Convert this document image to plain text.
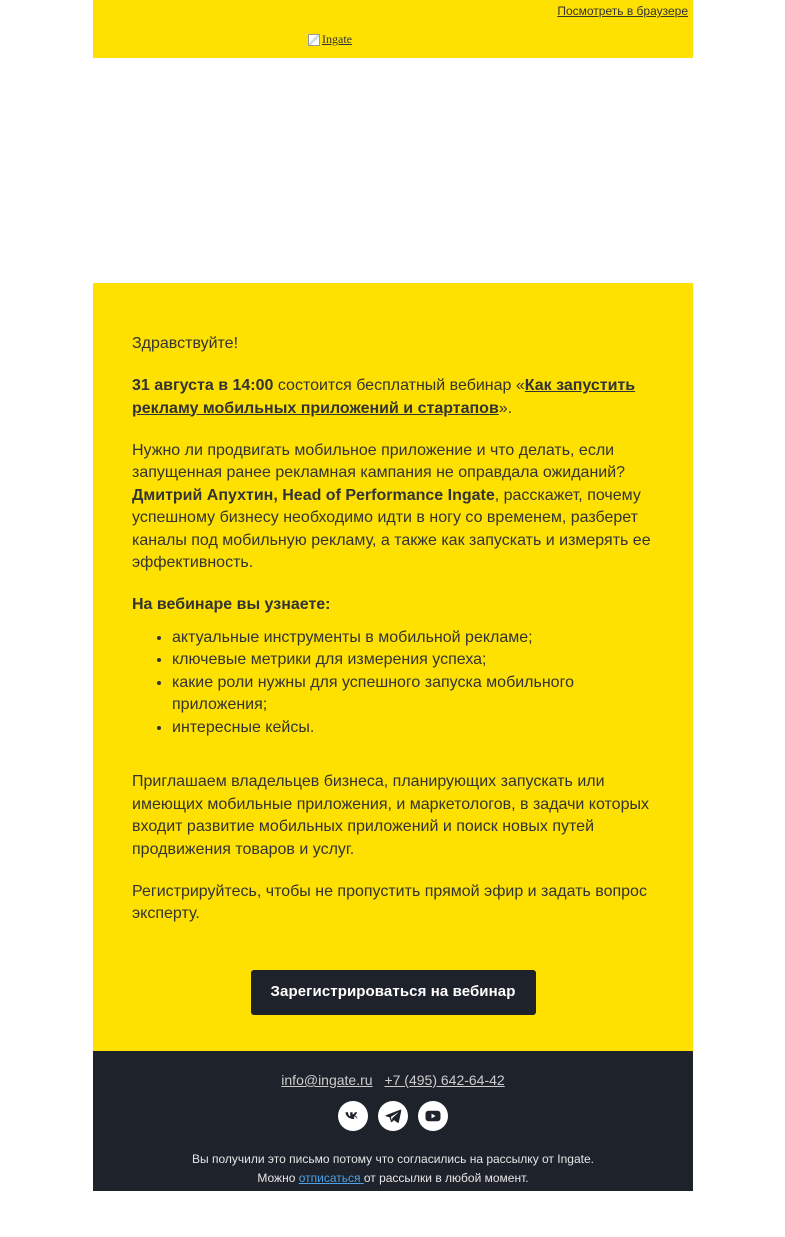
Посмотреть в браузере
Ingate

Здравствуйте!

31 августа в 14:00 состоится бесплатный вебинар «Как запустить рекламу мобильных приложений и стартапов».

Нужно ли продвигать мобильное приложение и что делать, если запущенная ранее рекламная кампания не оправдала ожиданий? Дмитрий Апухтин, Head of Performance Ingate, расскажет, почему успешному бизнесу необходимо идти в ногу со временем, разберет каналы под мобильную рекламу, а также как запускать и измерять ее эффективность.

На вебинаре вы узнаете:

• актуальные инструменты в мобильной рекламе;
• ключевые метрики для измерения успеха;
• какие роли нужны для успешного запуска мобильного приложения;
• интересные кейсы.

Приглашаем владельцев бизнеса, планирующих запускать или имеющих мобильные приложения, и маркетологов, в задачи которых входит развитие мобильных приложений и поиск новых путей продвижения товаров и услуг.

Регистрируйтесь, чтобы не пропустить прямой эфир и задать вопрос эксперту.

Зарегистрироваться на вебинар
info@ingate.ru +7 (495) 642-64-42
Вы получили это письмо потому что согласились на рассылку от Ingate.
Можно отписаться от рассылки в любой момент.
